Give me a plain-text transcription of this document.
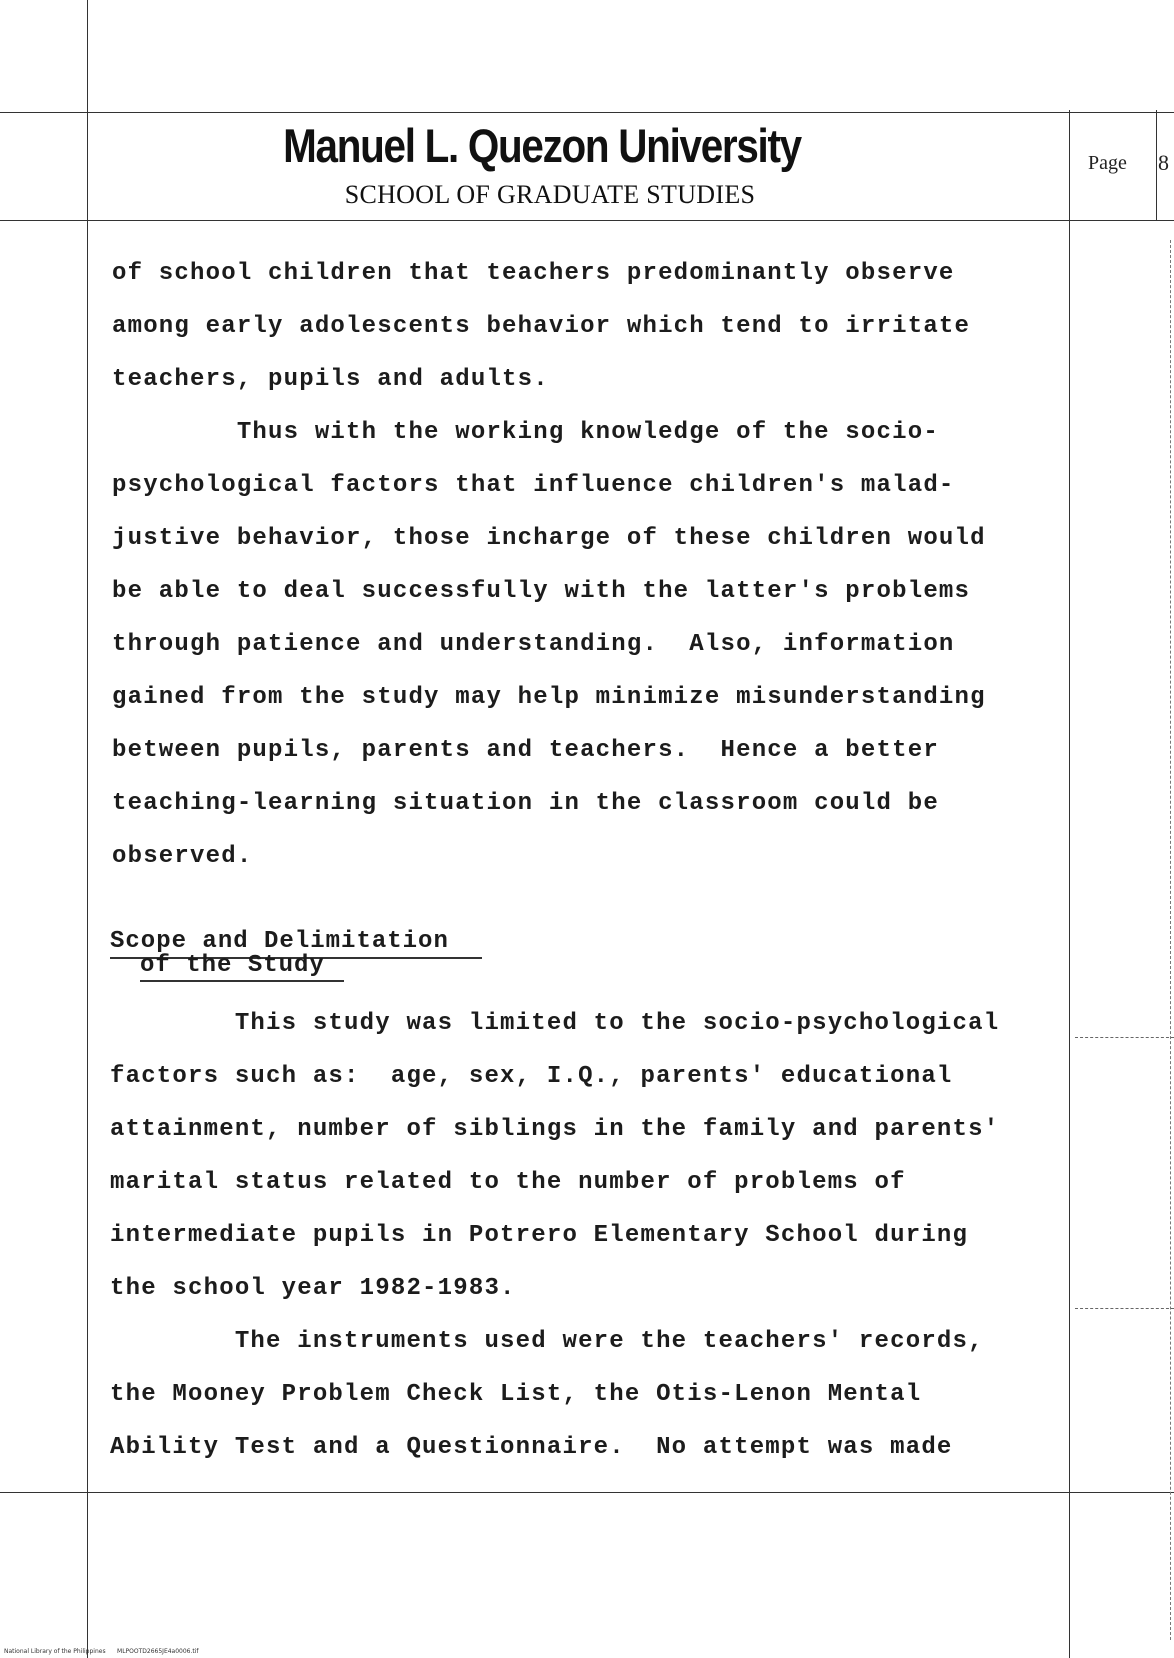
Manuel L. Quezon University
SCHOOL OF GRADUATE STUDIES
Page 8
of school children that teachers predominantly observe
among early adolescents behavior which tend to irritate
teachers, pupils and adults.
Thus with the working knowledge of the socio-
psychological factors that influence children's malad-
justive behavior, those incharge of these children would
be able to deal successfully with the latter's problems
through patience and understanding.  Also, information
gained from the study may help minimize misunderstanding
between pupils, parents and teachers.  Hence a better
teaching-learning situation in the classroom could be
observed.
Scope and Delimitation
of the Study
This study was limited to the socio-psychological
factors such as:  age, sex, I.Q., parents' educational
attainment, number of siblings in the family and parents'
marital status related to the number of problems of
intermediate pupils in Potrero Elementary School during
the school year 1982-1983.
The instruments used were the teachers' records,
the Mooney Problem Check List, the Otis-Lenon Mental
Ability Test and a Questionnaire.  No attempt was made
National Library of the Philippines MLPOOTD2665JE4a0006.tif
